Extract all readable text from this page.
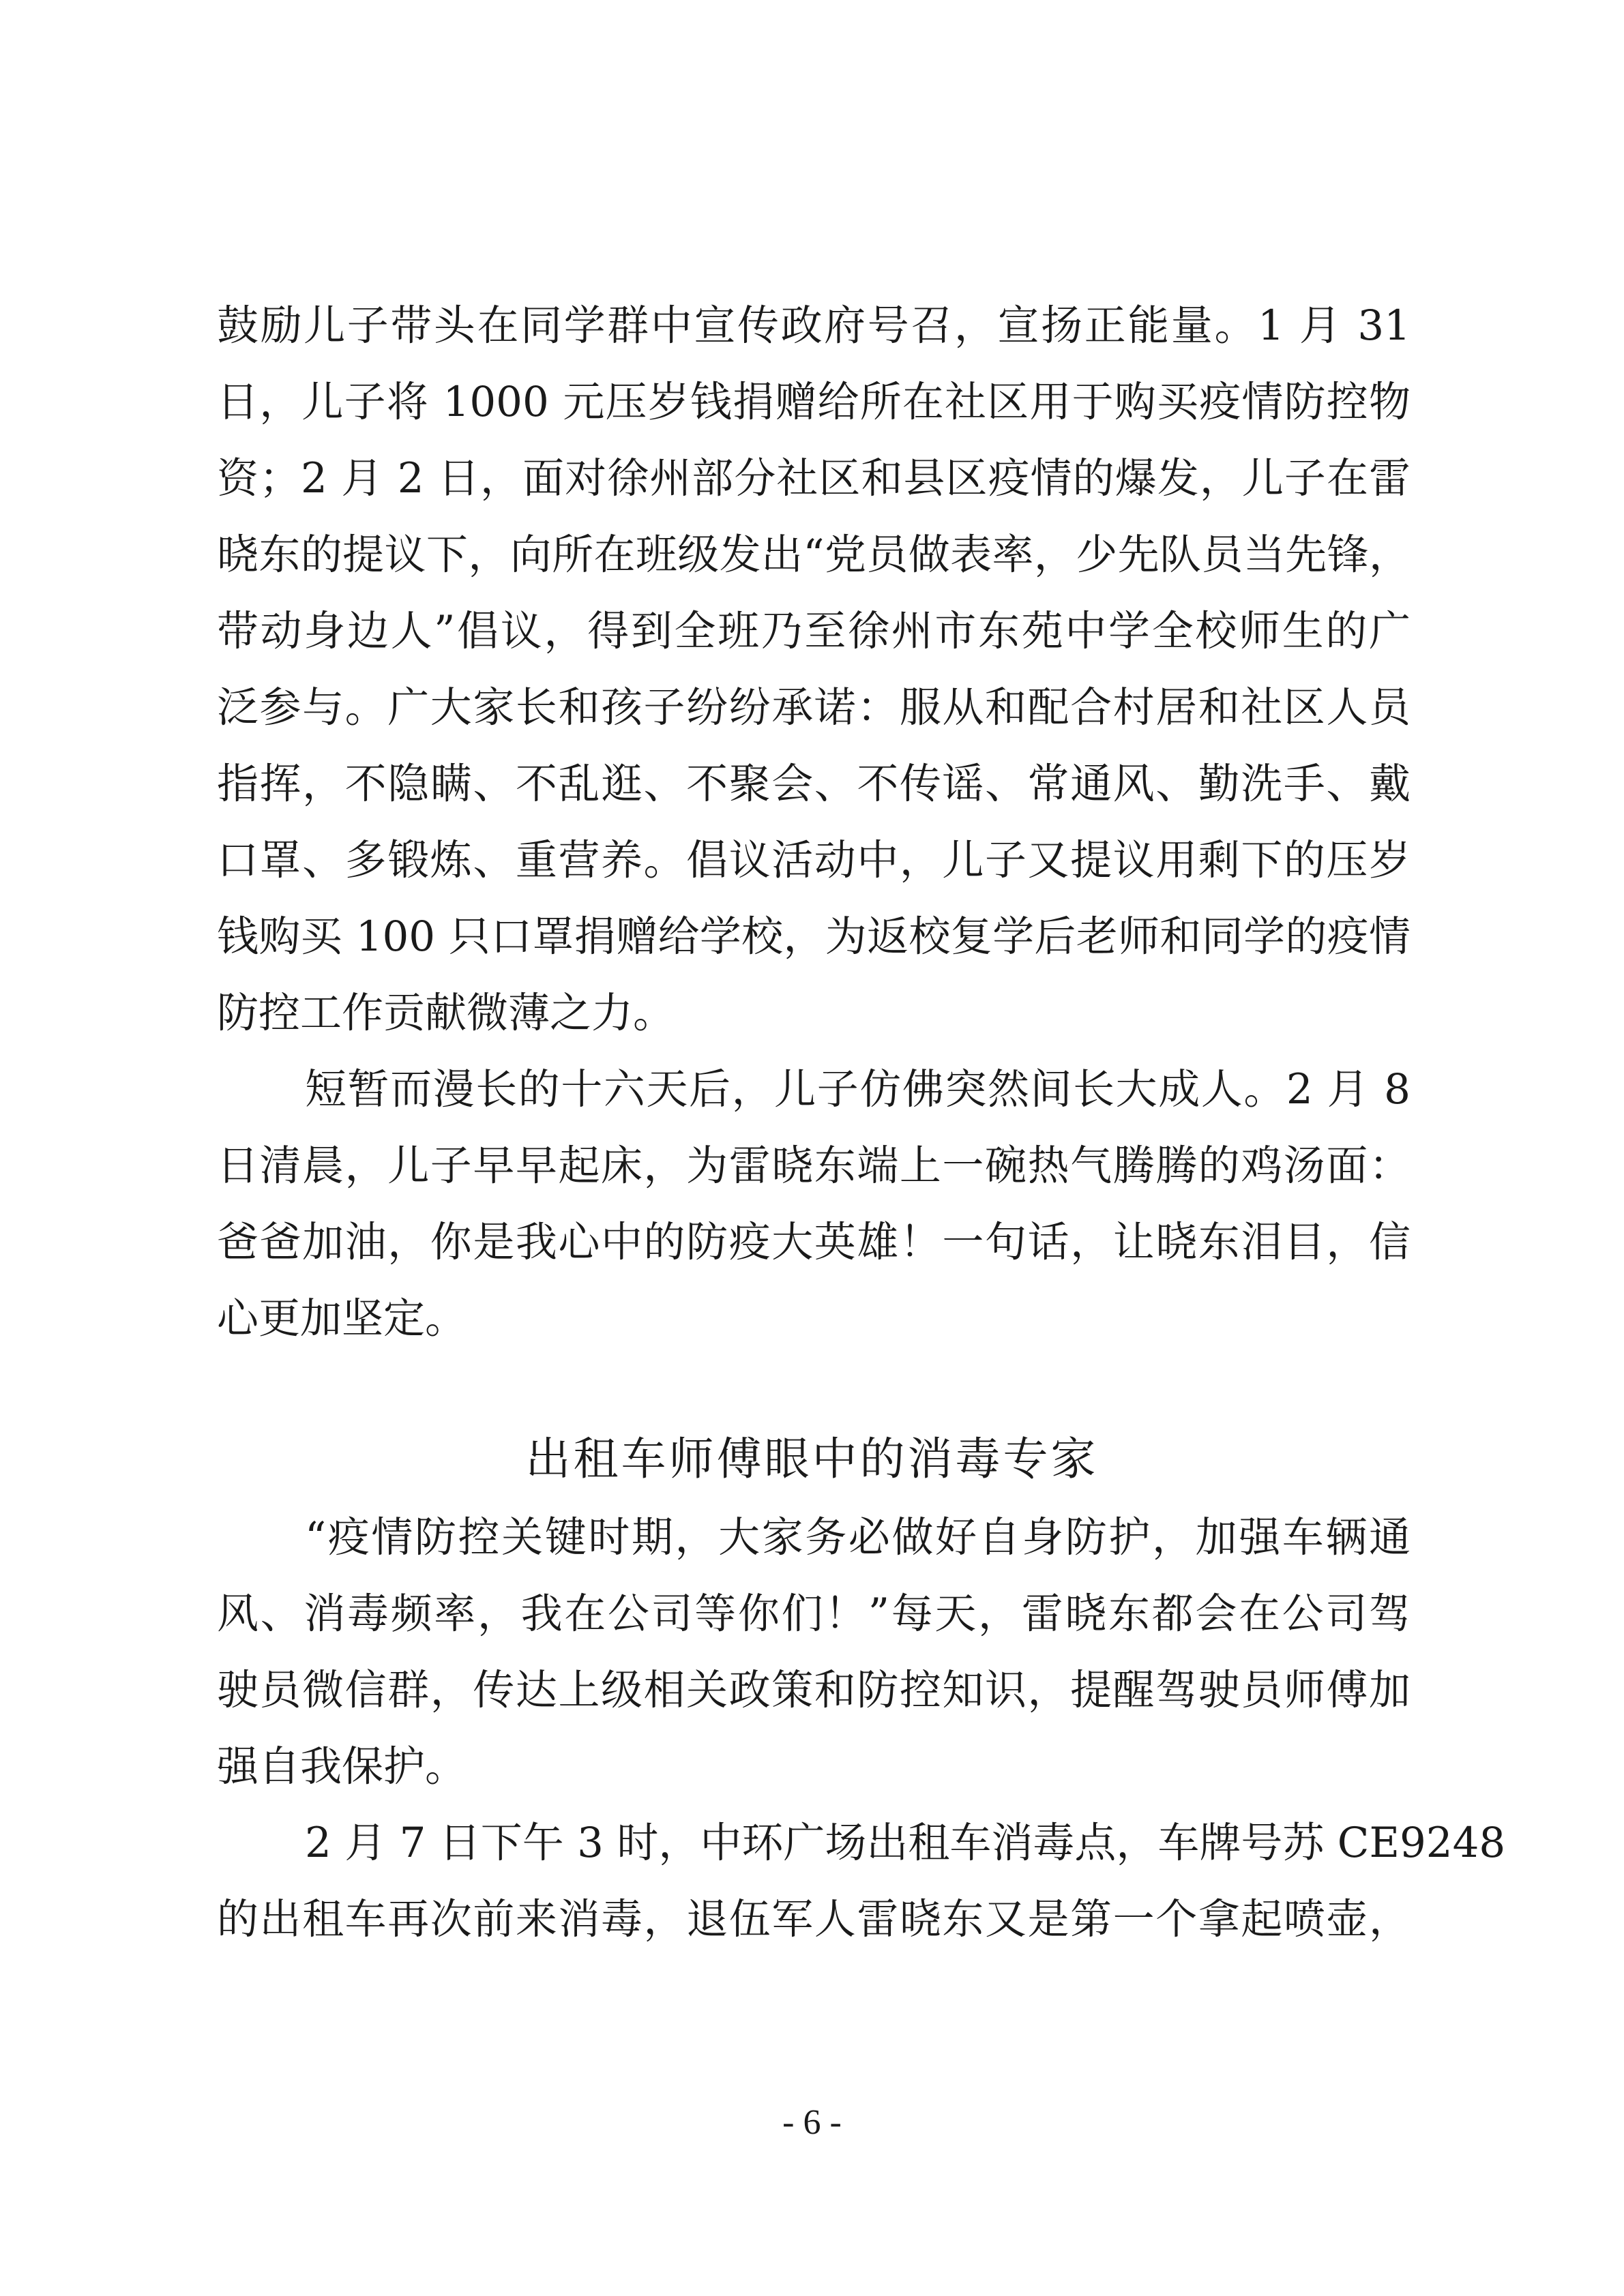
鼓励儿子带头在同学群中宣传政府号召，宣扬正能量。1 月 31
日，儿子将 1000 元压岁钱捐赠给所在社区用于购买疫情防控物
资；2 月 2 日，面对徐州部分社区和县区疫情的爆发，儿子在雷
晓东的提议下，向所在班级发出“党员做表率，少先队员当先锋，
带动身边人”倡议，得到全班乃至徐州市东苑中学全校师生的广
泛参与。广大家长和孩子纷纷承诺：服从和配合村居和社区人员
指挥，不隐瞒、不乱逛、不聚会、不传谣、常通风、勤洗手、戴
口罩、多锻炼、重营养。倡议活动中，儿子又提议用剩下的压岁
钱购买 100 只口罩捐赠给学校，为返校复学后老师和同学的疫情
防控工作贡献微薄之力。
短暂而漫长的十六天后，儿子仿佛突然间长大成人。2 月 8
日清晨，儿子早早起床，为雷晓东端上一碗热气腾腾的鸡汤面：
爸爸加油，你是我心中的防疫大英雄！一句话，让晓东泪目，信
心更加坚定。
出租车师傅眼中的消毒专家
“疫情防控关键时期，大家务必做好自身防护，加强车辆通
风、消毒频率，我在公司等你们！”每天，雷晓东都会在公司驾
驶员微信群，传达上级相关政策和防控知识，提醒驾驶员师傅加
强自我保护。
2 月 7 日下午 3 时，中环广场出租车消毒点，车牌号苏 CE9248
的出租车再次前来消毒，退伍军人雷晓东又是第一个拿起喷壶，
- 6 -
